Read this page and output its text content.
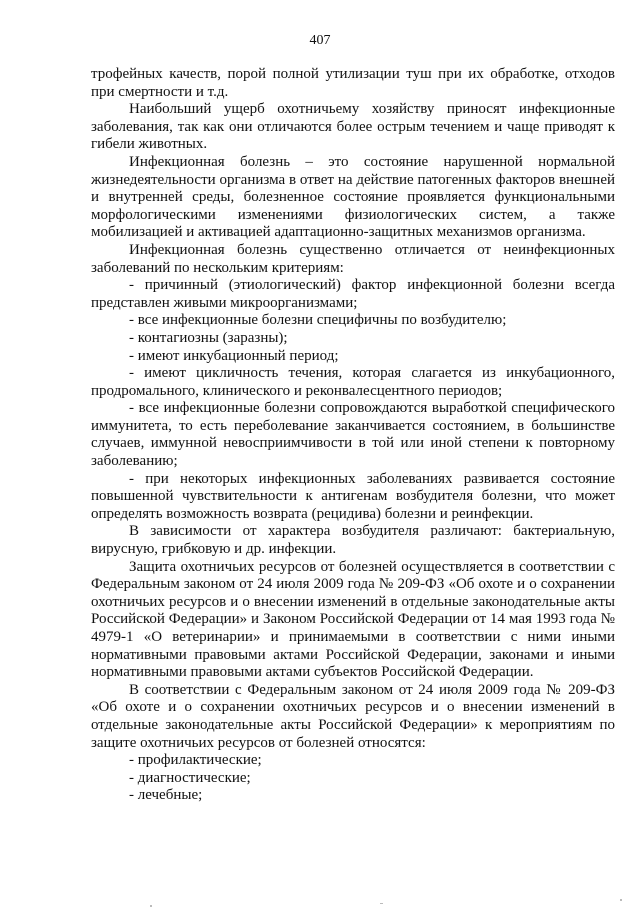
407

трофейных качеств, порой полной утилизации туш при их обработке, отходов при смертности и т.д.

Наибольший ущерб охотничьему хозяйству приносят инфекционные заболевания, так как они отличаются более острым течением и чаще приводят к гибели животных.

Инфекционная болезнь – это состояние нарушенной нормальной жизнедеятельности организма в ответ на действие патогенных факторов внешней и внутренней среды, болезненное состояние проявляется функциональными морфологическими изменениями физиологических систем, а также мобилизацией и активацией адаптационно-защитных механизмов организма.

Инфекционная болезнь существенно отличается от неинфекционных заболеваний по нескольким критериям:

- причинный (этиологический) фактор инфекционной болезни всегда представлен живыми микроорганизмами;

- все инфекционные болезни специфичны по возбудителю;

- контагиозны (заразны);

- имеют инкубационный период;

- имеют цикличность течения, которая слагается из инкубационного, продромального, клинического и реконвалесцентного периодов;

- все инфекционные болезни сопровождаются выработкой специфического иммунитета, то есть переболевание заканчивается состоянием, в большинстве случаев, иммунной невосприимчивости в той или иной степени к повторному заболеванию;

- при некоторых инфекционных заболеваниях развивается состояние повышенной чувствительности к антигенам возбудителя болезни, что может определять возможность возврата (рецидива) болезни и реинфекции.

В зависимости от характера возбудителя различают: бактериальную, вирусную, грибковую и др. инфекции.

Защита охотничьих ресурсов от болезней осуществляется в соответствии с Федеральным законом от 24 июля 2009 года № 209-ФЗ «Об охоте и о сохранении охотничьих ресурсов и о внесении изменений в отдельные законодательные акты Российской Федерации» и Законом Российской Федерации от 14 мая 1993 года № 4979-1 «О ветеринарии» и принимаемыми в соответствии с ними иными нормативными правовыми актами Российской Федерации, законами и иными нормативными правовыми актами субъектов Российской Федерации.

В соответствии с Федеральным законом от 24 июля 2009 года № 209-ФЗ «Об охоте и о сохранении охотничьих ресурсов и о внесении изменений в отдельные законодательные акты Российской Федерации» к мероприятиям по защите охотничьих ресурсов от болезней относятся:

- профилактические;

- диагностические;

- лечебные;
